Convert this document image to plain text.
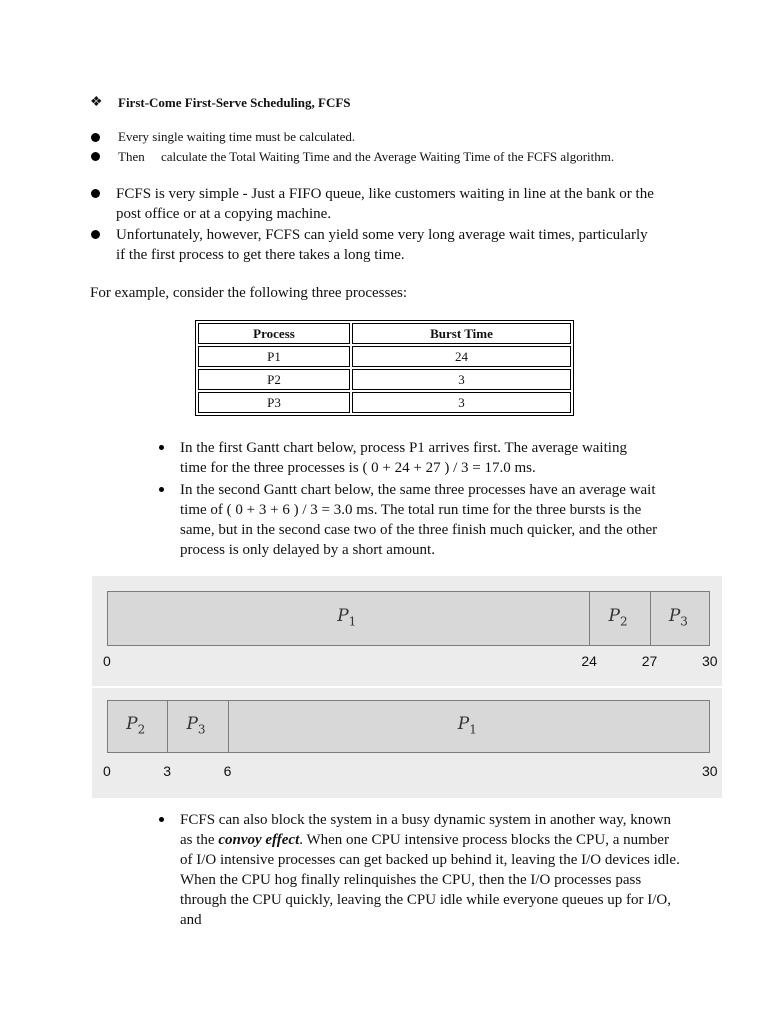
❖ First-Come First-Serve Scheduling, FCFS
Every single waiting time must be calculated.
Then     calculate the Total Waiting Time and the Average Waiting Time of the FCFS algorithm.
FCFS is very simple - Just a FIFO queue, like customers waiting in line at the bank or the post office or at a copying machine.
Unfortunately, however, FCFS can yield some very long average wait times, particularly if the first process to get there takes a long time.
For example, consider the following three processes:
Process	Burst Time
P1	24
P2	3
P3	3
In the first Gantt chart below, process P1 arrives first. The average waiting time for the three processes is ( 0 + 24 + 27 ) / 3 = 17.0 ms.
In the second Gantt chart below, the same three processes have an average wait time of ( 0 + 3 + 6 ) / 3 = 3.0 ms. The total run time for the three bursts is the same, but in the second case two of the three finish much quicker, and the other process is only delayed by a short amount.
$P_1$	$P_2$ $P_3$
0	24	27	30
$P_2$ $P_3$	$P_1$
0	3	6	30
FCFS can also block the system in a busy dynamic system in another way, known as the convoy effect. When one CPU intensive process blocks the CPU, a number of I/O intensive processes can get backed up behind it, leaving the I/O devices idle. When the CPU hog finally relinquishes the CPU, then the I/O processes pass through the CPU quickly, leaving the CPU idle while everyone queues up for I/O, and
